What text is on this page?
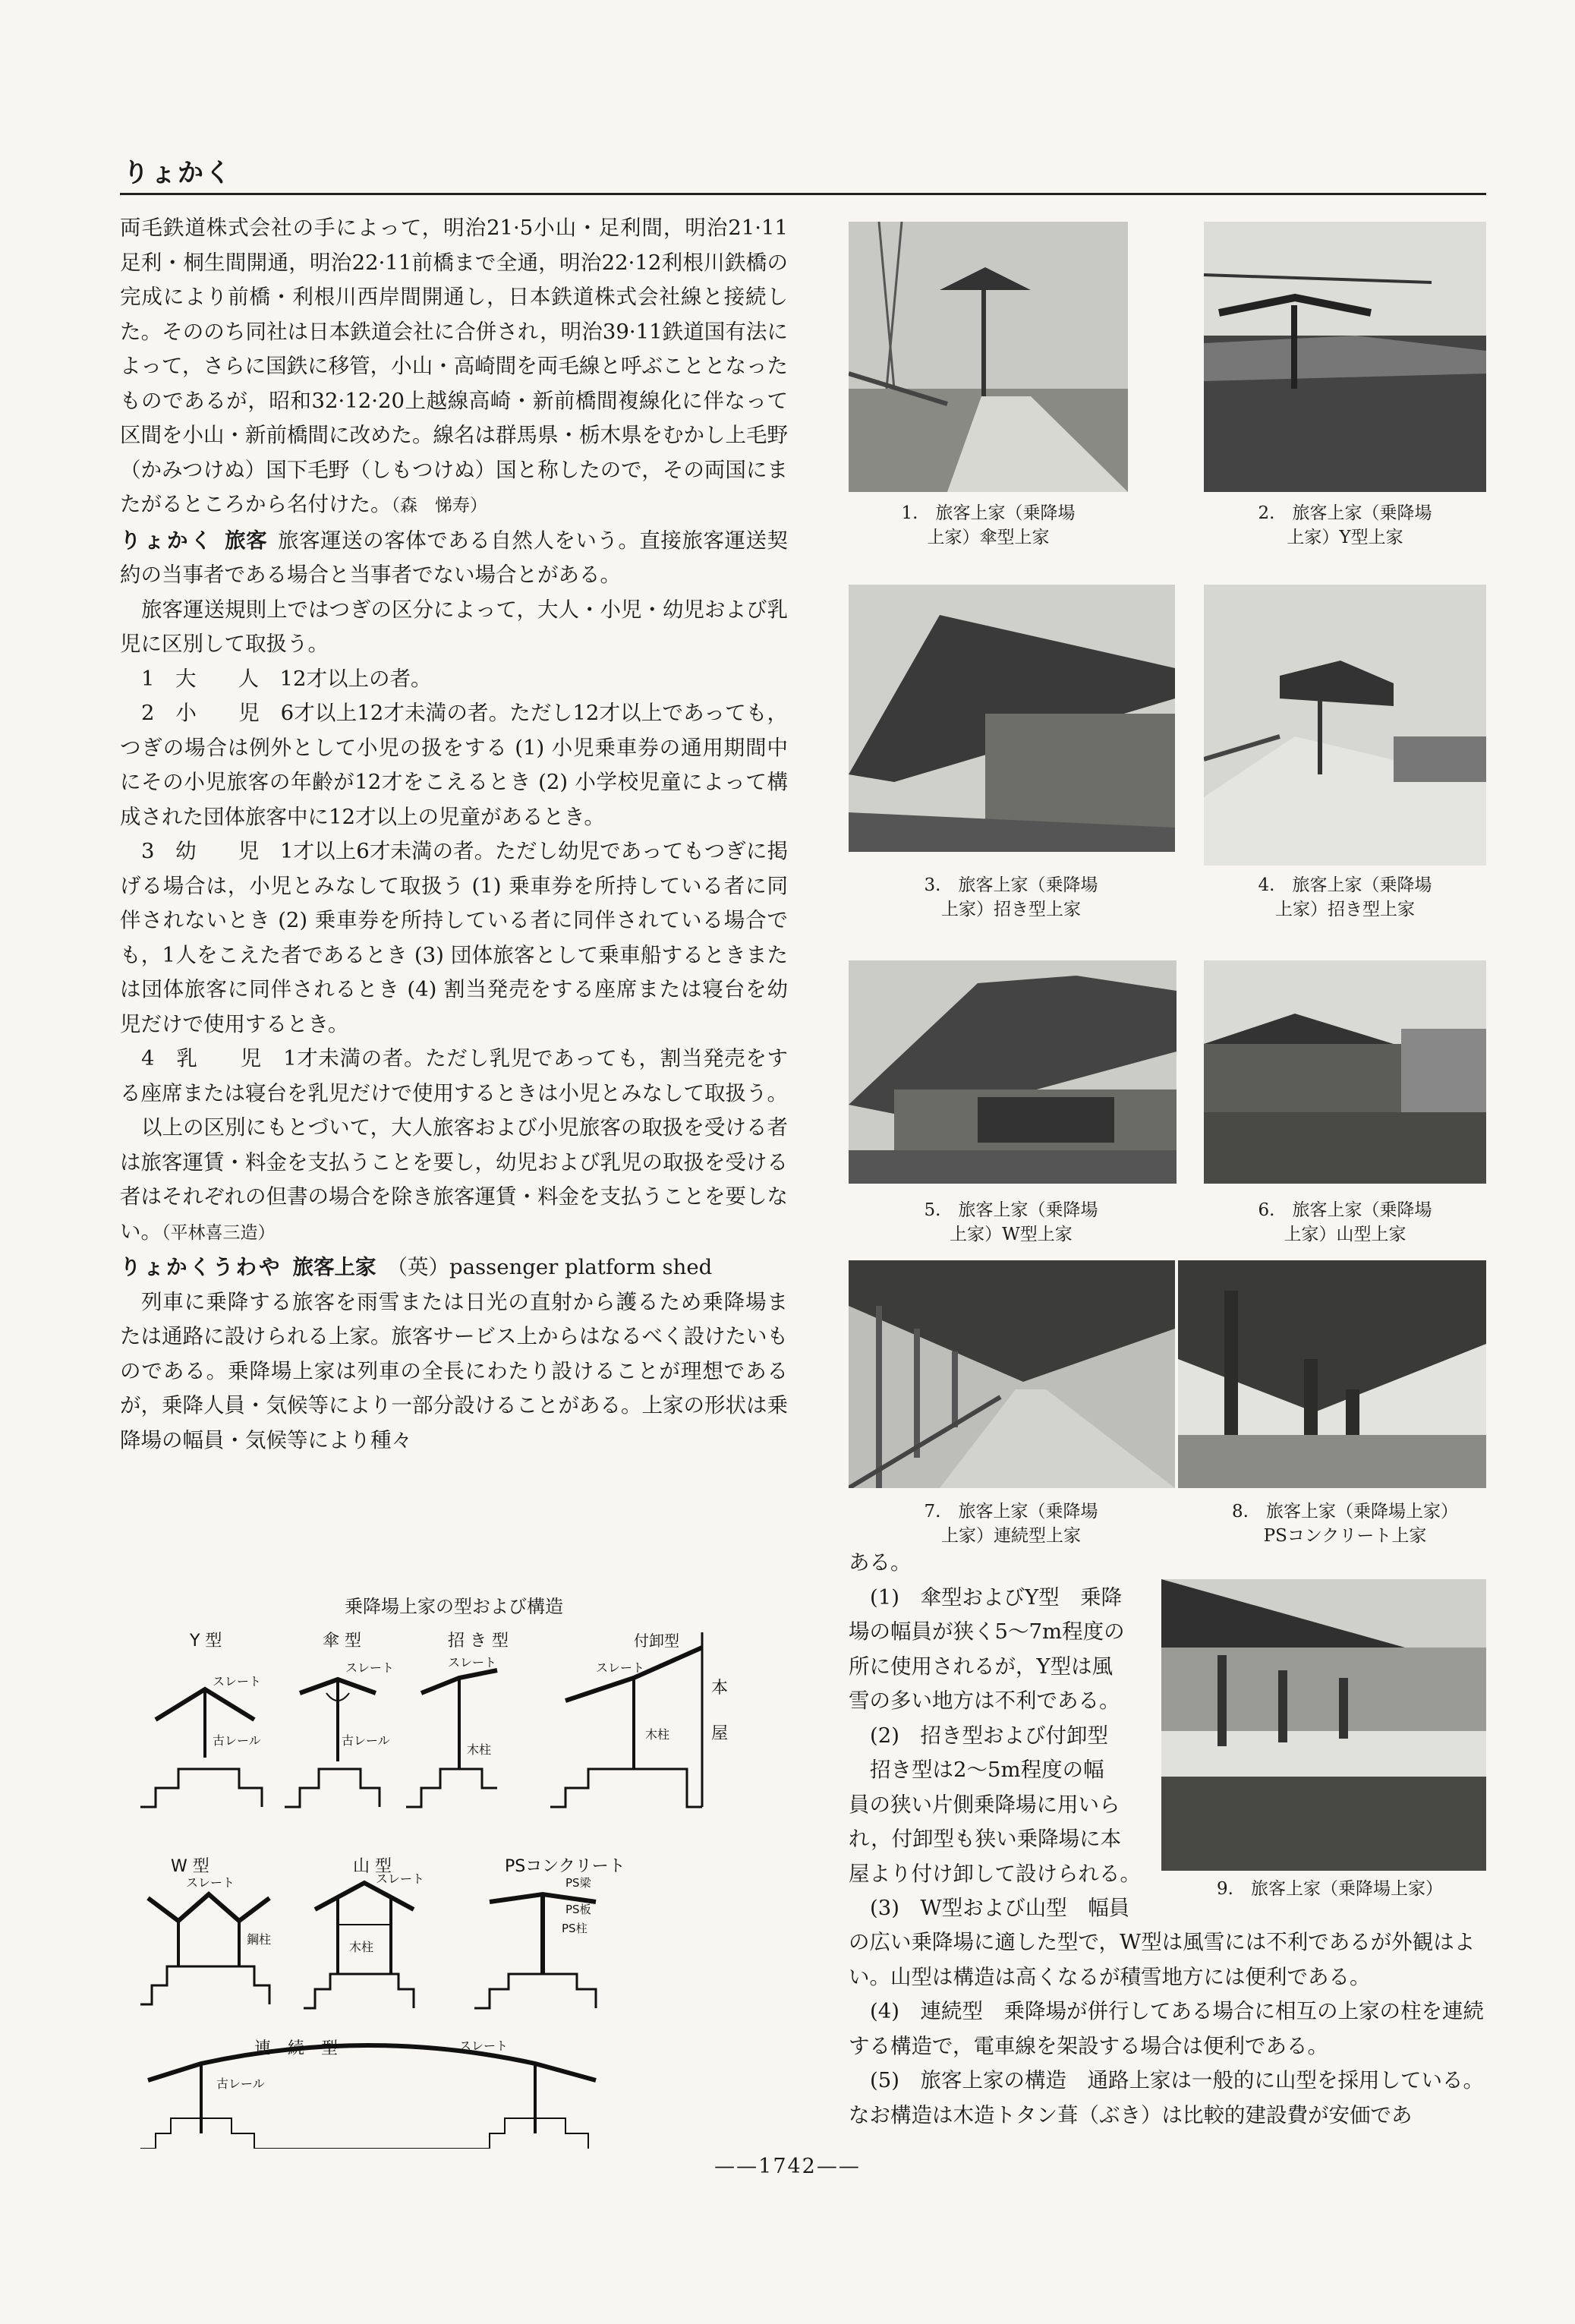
りょかく

両毛鉄道株式会社の手によって，明治21·5小山・足利間，明治21·11足利・桐生間開通，明治22·11前橋まで全通，明治22·12利根川鉄橋の完成により前橋・利根川西岸間開通し，日本鉄道株式会社線と接続した。そののち同社は日本鉄道会社に合併され，明治39·11鉄道国有法によって，さらに国鉄に移管，小山・高崎間を両毛線と呼ぶこととなったものであるが，昭和32·12·20上越線高崎・新前橋間複線化に伴なって区間を小山・新前橋間に改めた。線名は群馬県・栃木県をむかし上毛野（かみつけぬ）国下毛野（しもつけぬ）国と称したので，その両国にまたがるところから名付けた。（森　悌寿）

りょかく 旅客 旅客運送の客体である自然人をいう。直接旅客運送契約の当事者である場合と当事者でない場合とがある。

旅客運送規則上ではつぎの区分によって，大人・小児・幼児および乳児に区別して取扱う。

1　大　　人　12才以上の者。

2　小　　児　6才以上12才未満の者。ただし12才以上であっても，つぎの場合は例外として小児の扱をする (1) 小児乗車券の通用期間中にその小児旅客の年齢が12才をこえるとき (2) 小学校児童によって構成された団体旅客中に12才以上の児童があるとき。

3　幼　　児　1才以上6才未満の者。ただし幼児であってもつぎに掲げる場合は，小児とみなして取扱う (1) 乗車券を所持している者に同伴されないとき (2) 乗車券を所持している者に同伴されている場合でも，1人をこえた者であるとき (3) 団体旅客として乗車船するときまたは団体旅客に同伴されるとき (4) 割当発売をする座席または寝台を幼児だけで使用するとき。

4　乳　　児　1才未満の者。ただし乳児であっても，割当発売をする座席または寝台を乳児だけで使用するときは小児とみなして取扱う。

以上の区別にもとづいて，大人旅客および小児旅客の取扱を受ける者は旅客運賃・料金を支払うことを要し，幼児および乳児の取扱を受ける者はそれぞれの但書の場合を除き旅客運賃・料金を支払うことを要しない。（平林喜三造）

りょかくうわや 旅客上家 （英）passenger platform shed

列車に乗降する旅客を雨雪または日光の直射から護るため乗降場または通路に設けられる上家。旅客サービス上からはなるべく設けたいものである。乗降場上家は列車の全長にわたり設けることが理想であるが，乗降人員・気候等により一部分設けることがある。上家の形状は乗降場の幅員・気候等により種々

乗降場上家の型および構造
Y 型
スレート
古レール
傘 型
スレート
古レール
招 き 型
スレート
木柱
付卸型
スレート
木柱
本
屋
W 型
スレート
鋼柱
山 型
スレート
木柱
PSコンクリート
PS梁
PS板
PS柱
連　続　型	スレート
古レール
1.　 旅客上家（乗降場
上家）傘型上家
2.　 旅客上家（乗降場
上家）Y型上家
3.　 旅客上家（乗降場
上家）招き型上家
4.　 旅客上家（乗降場
上家）招き型上家
5.　 旅客上家（乗降場
上家）W型上家
6.　 旅客上家（乗降場
上家）山型上家
7.　 旅客上家（乗降場
上家）連続型上家
8.　 旅客上家（乗降場上家）
PSコンクリート上家
9.　 旅客上家（乗降場上家）
ある。
(1)　傘型およびY型　乗降
場の幅員が狭く5〜7m程度の
所に使用されるが，Y型は風
雪の多い地方は不利である。
(2)　招き型および付卸型
招き型は2〜5m程度の幅
員の狭い片側乗降場に用いら
れ，付卸型も狭い乗降場に本
屋より付け卸して設けられる。
(3)　W型および山型　幅員

の広い乗降場に適した型で，W型は風雪には不利であるが外観はよい。山型は構造は高くなるが積雪地方には便利である。

(4)　連続型　乗降場が併行してある場合に相互の上家の柱を連続する構造で，電車線を架設する場合は便利である。

(5)　旅客上家の構造　通路上家は一般的に山型を採用している。なお構造は木造トタン葺（ぶき）は比較的建設費が安価であ

——1742——
